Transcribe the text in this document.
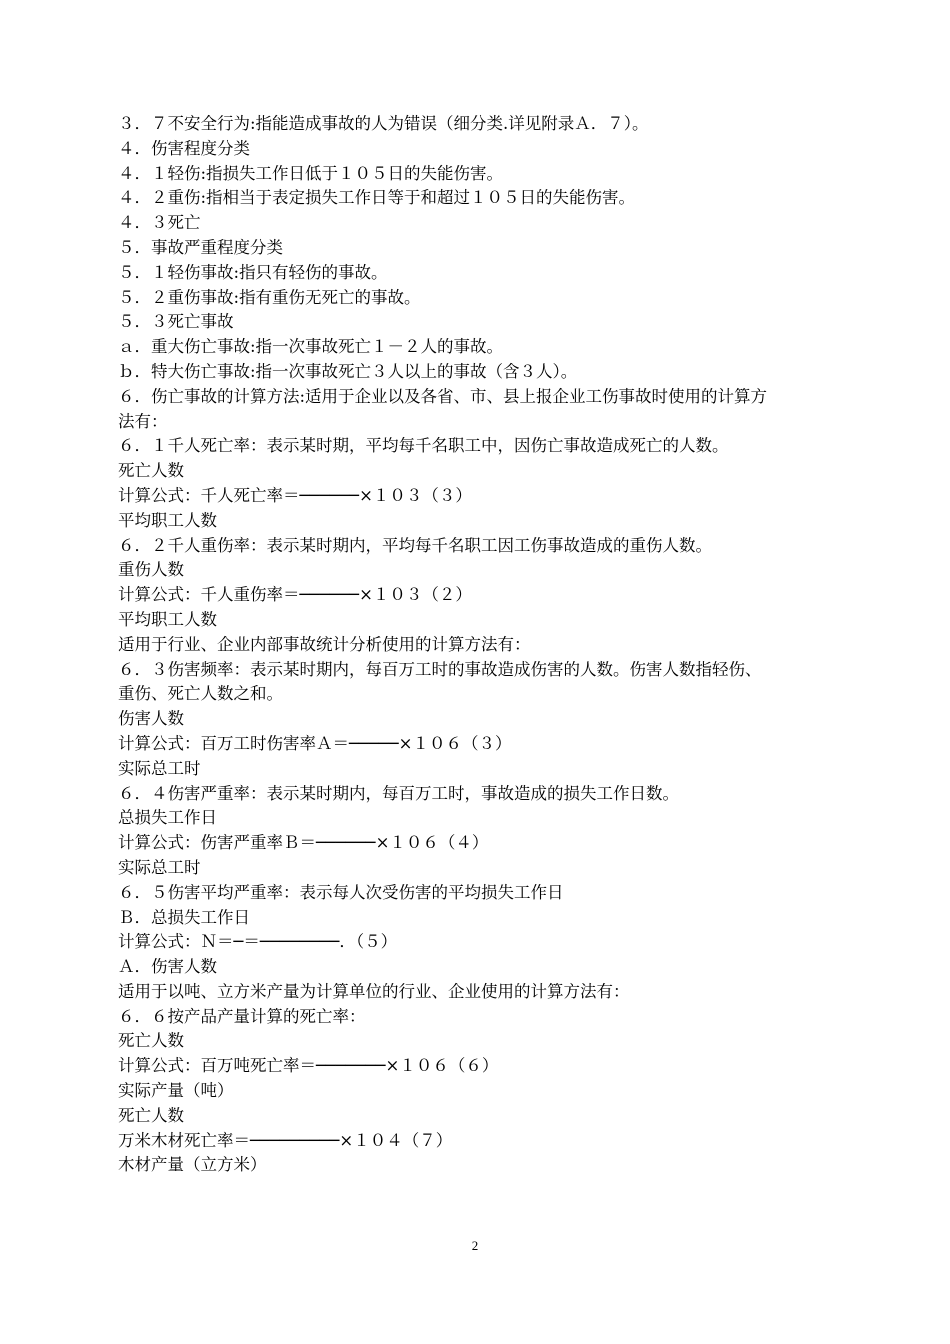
３．７不安全行为:指能造成事故的人为错误（细分类.详见附录Ａ．７）。
４．伤害程度分类
４．１轻伤:指损失工作日低于１０５日的失能伤害。
４．２重伤:指相当于表定损失工作日等于和超过１０５日的失能伤害。
４．３死亡
５．事故严重程度分类
５．１轻伤事故:指只有轻伤的事故。
５．２重伤事故:指有重伤无死亡的事故。
５．３死亡事故
ａ．重大伤亡事故:指一次事故死亡１－２人的事故。
ｂ．特大伤亡事故:指一次事故死亡３人以上的事故（含３人）。
６．伤亡事故的计算方法:适用于企业以及各省、市、县上报企业工伤事故时使用的计算方
法有：
６．１千人死亡率：表示某时期，平均每千名职工中，因伤亡事故造成死亡的人数。
死亡人数
计算公式：千人死亡率＝──────×１０３（３）
平均职工人数
６．２千人重伤率：表示某时期内，平均每千名职工因工伤事故造成的重伤人数。
重伤人数
计算公式：千人重伤率＝──────×１０３（２）
平均职工人数
适用于行业、企业内部事故统计分析使用的计算方法有：
６．３伤害频率：表示某时期内，每百万工时的事故造成伤害的人数。伤害人数指轻伤、
重伤、死亡人数之和。
伤害人数
计算公式：百万工时伤害率Ａ＝─────×１０６（３）
实际总工时
６．４伤害严重率：表示某时期内，每百万工时，事故造成的损失工作日数。
总损失工作日
计算公式：伤害严重率Ｂ＝──────×１０６（４）
实际总工时
６．５伤害平均严重率：表示每人次受伤害的平均损失工作日
Ｂ．总损失工作日
计算公式：Ｎ＝─＝────────．（５）
Ａ．伤害人数
适用于以吨、立方米产量为计算单位的行业、企业使用的计算方法有：
６．６按产品产量计算的死亡率：
死亡人数
计算公式：百万吨死亡率＝───────×１０６（６）
实际产量（吨）
死亡人数
万米木材死亡率＝─────────×１０４（７）
木材产量（立方米）
2
